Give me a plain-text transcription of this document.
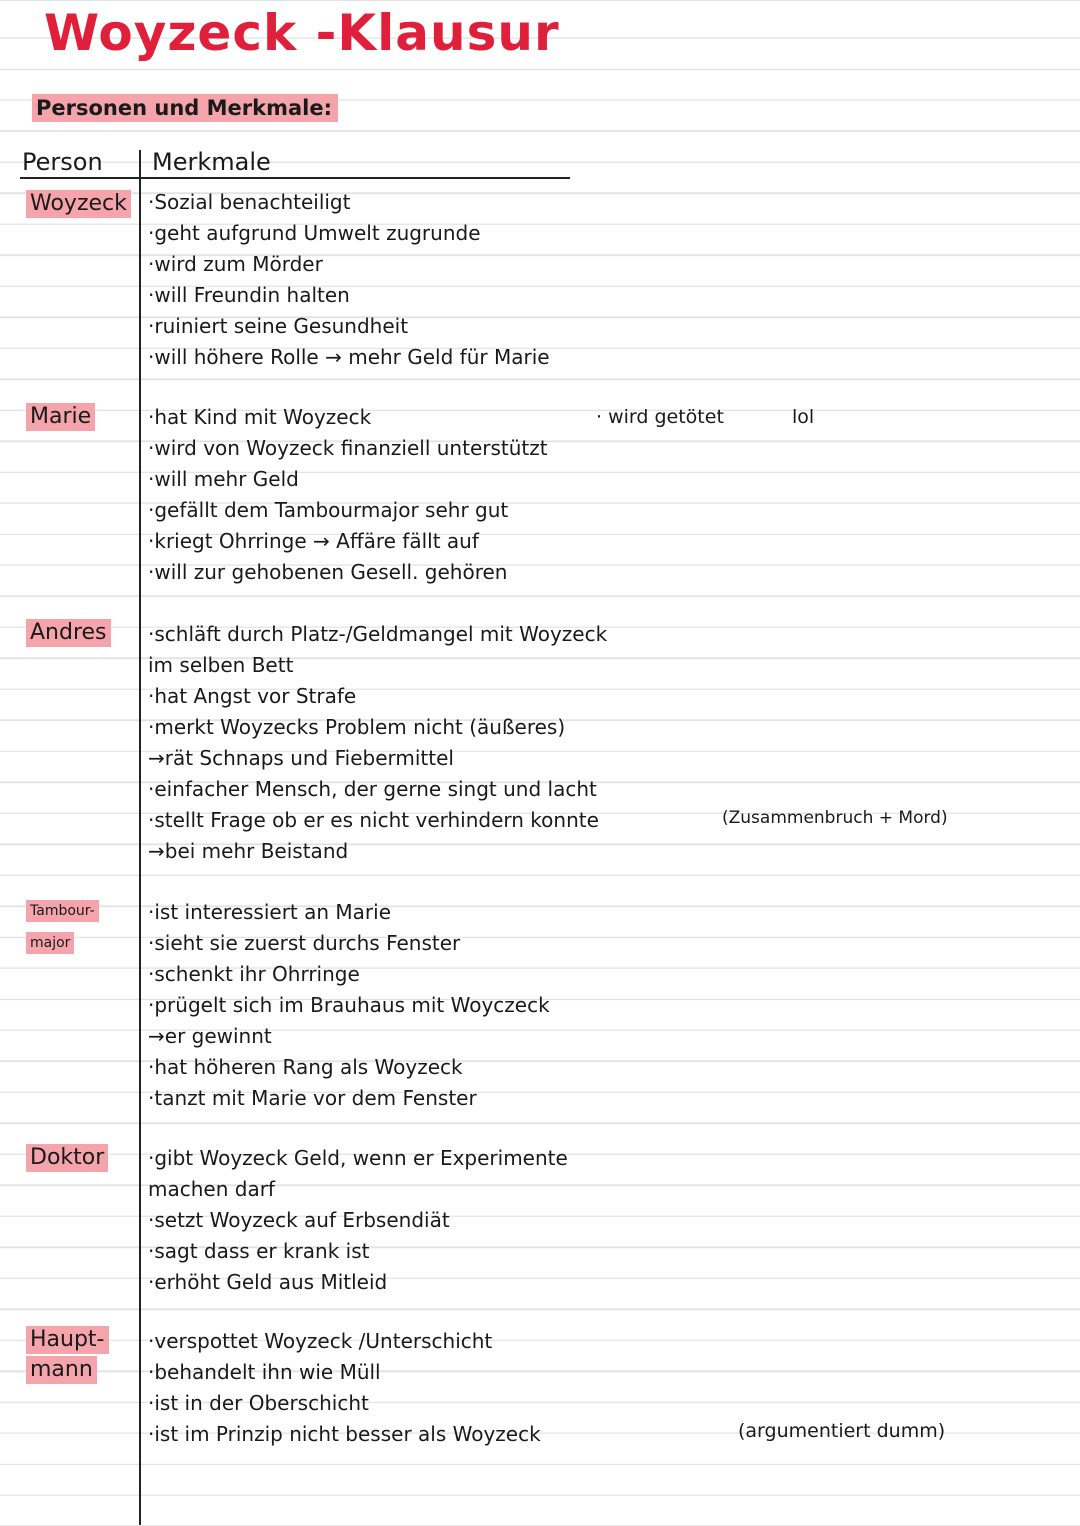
Woyzeck -Klausur
Personen und Merkmale:
Person Merkmale
Woyzeck ·Sozial benachteiligt
·geht aufgrund Umwelt zugrunde
·wird zum Mörder
·will Freundin halten
·ruiniert seine Gesundheit
·will höhere Rolle → mehr Geld für Marie
Marie	·hat Kind mit Woyzeck
·wird von Woyzeck finanziell unterstützt
·will mehr Geld
·gefällt dem Tambourmajor sehr gut
·kriegt Ohrringe → Affäre fällt auf
·will zur gehobenen Gesell. gehören
· wird getötet	lol
Andres ·schläft durch Platz-/Geldmangel mit Woyzeck
im selben Bett
·hat Angst vor Strafe
·merkt Woyzecks Problem nicht (äußeres)
→rät Schnaps und Fiebermittel
·einfacher Mensch, der gerne singt und lacht
·stellt Frage ob er es nicht verhindern konnte
→bei mehr Beistand
(Zusammenbruch + Mord)
Tambour-
major
·ist interessiert an Marie
·sieht sie zuerst durchs Fenster
·schenkt ihr Ohrringe
·prügelt sich im Brauhaus mit Woyczeck
→er gewinnt
·hat höheren Rang als Woyzeck
·tanzt mit Marie vor dem Fenster
Doktor ·gibt Woyzeck Geld, wenn er Experimente
machen darf
·setzt Woyzeck auf Erbsendiät
·sagt dass er krank ist
·erhöht Geld aus Mitleid
Haupt-
mann
·verspottet Woyzeck /Unterschicht
·behandelt ihn wie Müll
·ist in der Oberschicht
·ist im Prinzip nicht besser als Woyzeck	(argumentiert dumm)
